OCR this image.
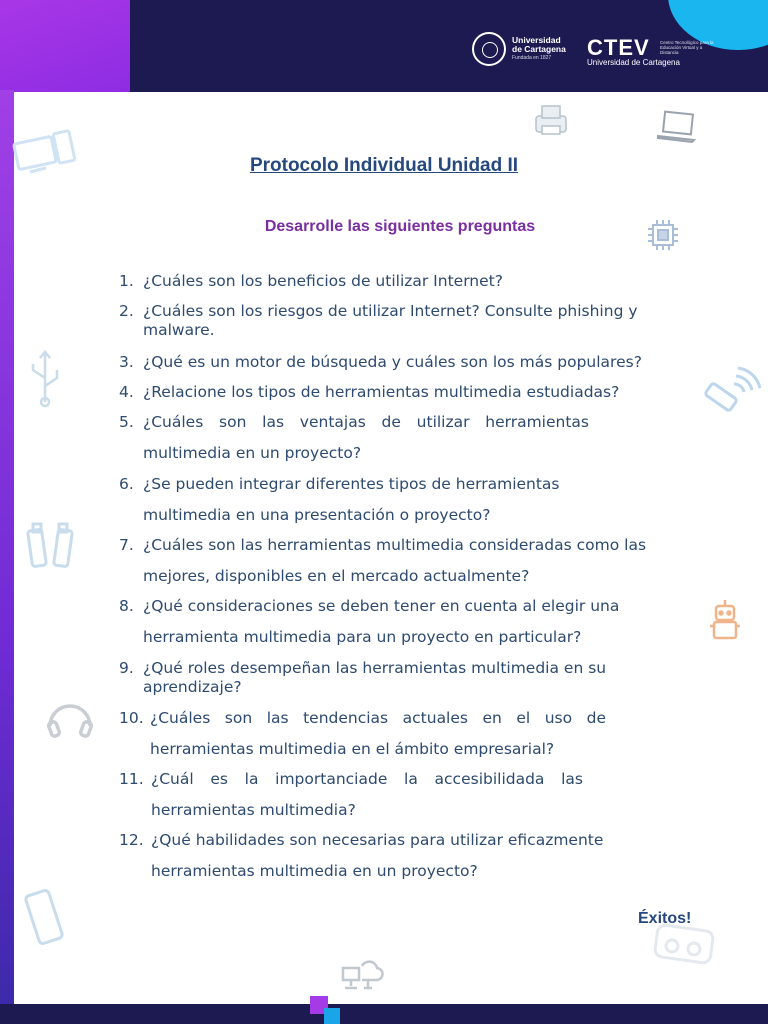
Universidad
de Cartagena
Fundada en 1827	CTEV	Centro Tecnológico para la Educación Virtual y a Distancia
Universidad de Cartagena
Protocolo Individual Unidad II
Desarrolle las siguientes preguntas
1. ¿Cuáles son los beneficios de utilizar Internet?
2. ¿Cuáles son los riesgos de utilizar Internet? Consulte phishing y malware.
3. ¿Qué es un motor de búsqueda y cuáles son los más populares?
4. ¿Relacione los tipos de herramientas multimedia estudiadas?
5. ¿Cuáles son las ventajas de utilizar herramientas multimedia en un proyecto?
6. ¿Se pueden integrar diferentes tipos de herramientas multimedia en una presentación o proyecto?
7. ¿Cuáles son las herramientas multimedia consideradas como las mejores, disponibles en el mercado actualmente?
8. ¿Qué consideraciones se deben tener en cuenta al elegir una herramienta multimedia para un proyecto en particular?
9. ¿Qué roles desempeñan las herramientas multimedia en su aprendizaje?
10. ¿Cuáles son las tendencias actuales en el uso de herramientas multimedia en el ámbito empresarial?
11. ¿Cuál es la importanciade la accesibilidada las herramientas multimedia?
12. ¿Qué habilidades son necesarias para utilizar eficazmente herramientas multimedia en un proyecto?
Éxitos!
